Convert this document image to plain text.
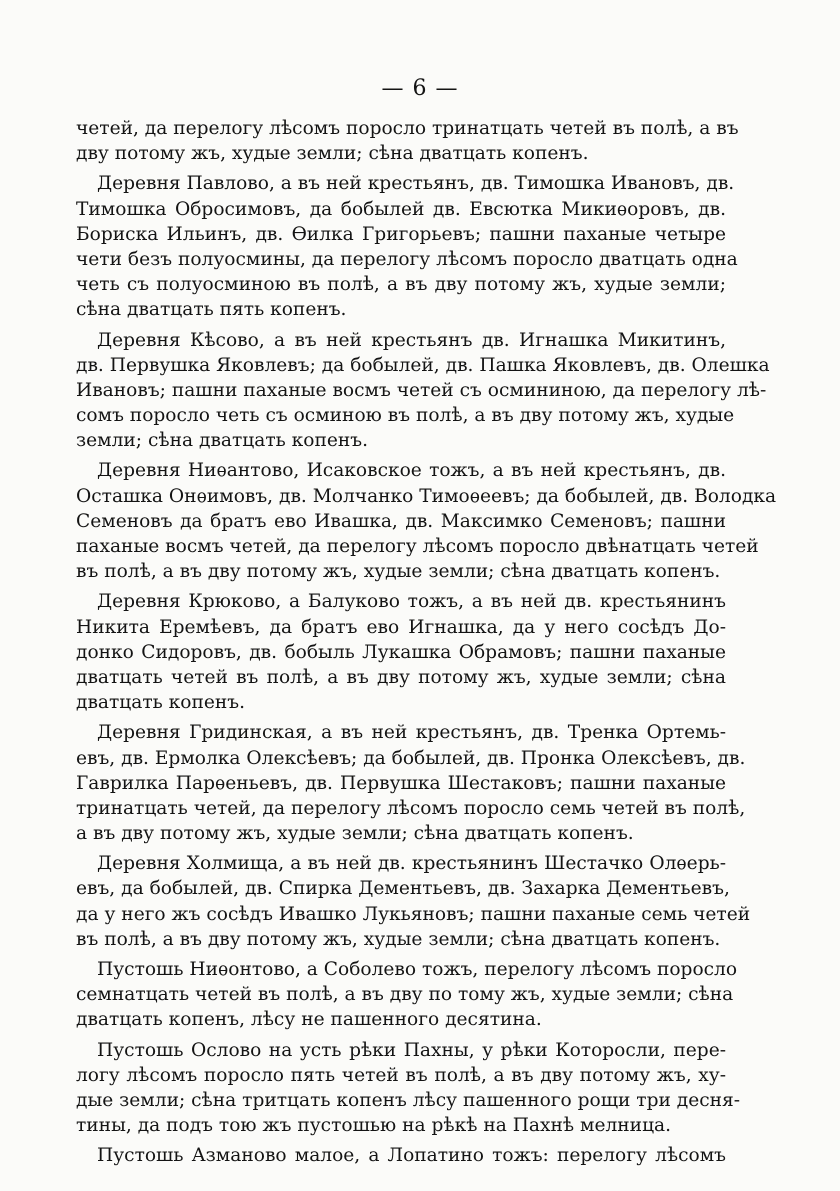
— 6 —
четей, да перелогу лѣсомъ поросло тринатцать четей въ полѣ, а въ
дву потому жъ, худые земли; сѣна дватцать копенъ.
Деревня Павлово, а въ ней крестьянъ, дв. Тимошка Ивановъ, дв.
Тимошка Обросимовъ, да бобылей дв. Евсютка Микиѳоровъ, дв.
Бориска Ильинъ, дв. Ѳилка Григорьевъ; пашни паханые четыре
чети безъ полуосмины, да перелогу лѣсомъ поросло дватцать одна
четь съ полуосминою въ полѣ, а въ дву потому жъ, худые земли;
сѣна дватцать пять копенъ.
Деревня Кѣсово, а въ ней крестьянъ дв. Игнашка Микитинъ,
дв. Первушка Яковлевъ; да бобылей, дв. Пашка Яковлевъ, дв. Олешка
Ивановъ; пашни паханые восмъ четей съ осмининою, да перелогу лѣ-
сомъ поросло четь съ осминою въ полѣ, а въ дву потому жъ, худые
земли; сѣна дватцать копенъ.
Деревня Ниѳантово, Исаковское тожъ, а въ ней крестьянъ, дв.
Осташка Онѳимовъ, дв. Молчанко Тимоѳеевъ; да бобылей, дв. Володка
Семеновъ да братъ ево Ивашка, дв. Максимко Семеновъ; пашни
паханые восмъ четей, да перелогу лѣсомъ поросло двѣнатцать четей
въ полѣ, а въ дву потому жъ, худые земли; сѣна дватцать копенъ.
Деревня Крюково, а Балуково тожъ, а въ ней дв. крестьянинъ
Никита Еремѣевъ, да братъ ево Игнашка, да у него сосѣдъ До-
донко Сидоровъ, дв. бобыль Лукашка Обрамовъ; пашни паханые
дватцать четей въ полѣ, а въ дву потому жъ, худые земли; сѣна
дватцать копенъ.
Деревня Гридинская, а въ ней крестьянъ, дв. Тренка Ортемь-
евъ, дв. Ермолка Олексѣевъ; да бобылей, дв. Пронка Олексѣевъ, дв.
Гаврилка Парѳеньевъ, дв. Первушка Шестаковъ; пашни паханые
тринатцать четей, да перелогу лѣсомъ поросло семь четей въ полѣ,
а въ дву потому жъ, худые земли; сѣна дватцать копенъ.
Деревня Холмища, а въ ней дв. крестьянинъ Шестачко Олѳерь-
евъ, да бобылей, дв. Спирка Дементьевъ, дв. Захарка Дементьевъ,
да у него жъ сосѣдъ Ивашко Лукьяновъ; пашни паханые семь четей
въ полѣ, а въ дву потому жъ, худые земли; сѣна дватцать копенъ.
Пустошь Ниѳонтово, а Соболево тожъ, перелогу лѣсомъ поросло
семнатцать четей въ полѣ, а въ дву по тому жъ, худые земли; сѣна
дватцать копенъ, лѣсу не пашенного десятина.
Пустошь Ослово на усть рѣки Пахны, у рѣки Которосли, пере-
логу лѣсомъ поросло пять четей въ полѣ, а въ дву потому жъ, ху-
дые земли; сѣна тритцать копенъ лѣсу пашенного рощи три десня-
тины, да подъ тою жъ пустошью на рѣкѣ на Пахнѣ мелница.
Пустошь Азманово малое, а Лопатино тожъ: перелогу лѣсомъ
